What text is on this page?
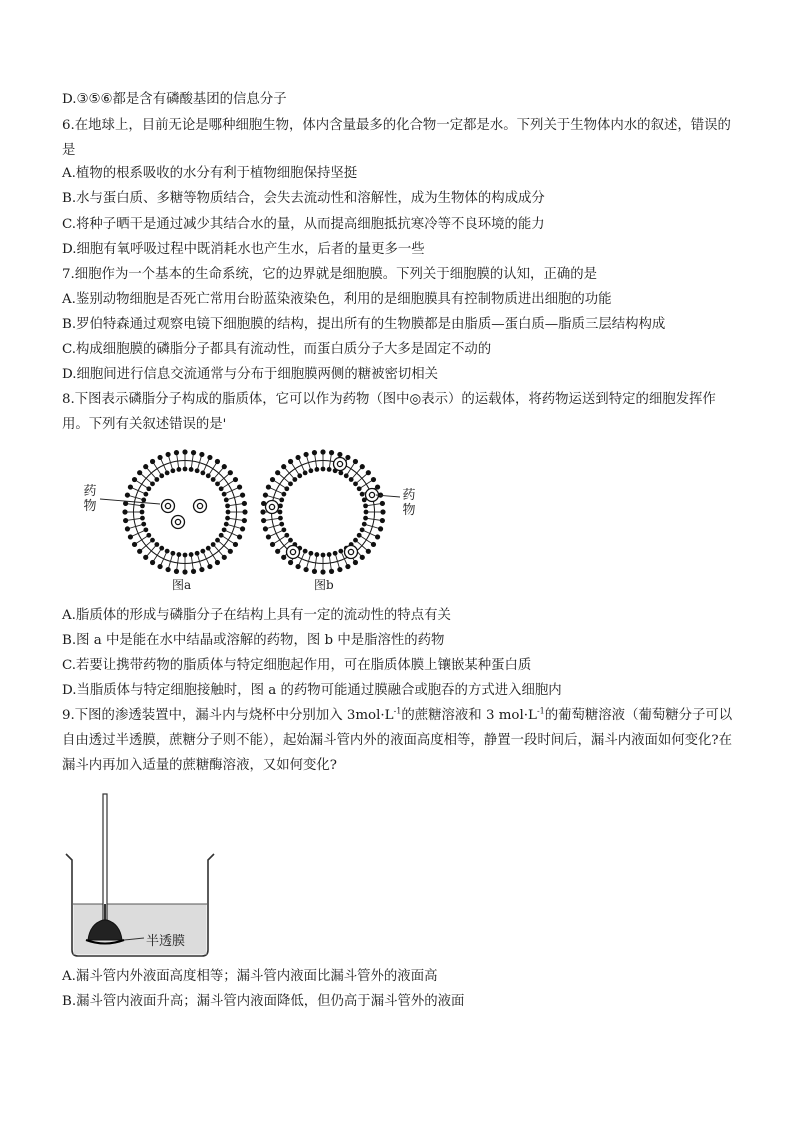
D.③⑤⑥都是含有磷酸基团的信息分子
6.在地球上，目前无论是哪种细胞生物，体内含量最多的化合物一定都是水。下列关于生物体内水的叙述，错误的是
A.植物的根系吸收的水分有利于植物细胞保持坚挺
B.水与蛋白质、多糖等物质结合，会失去流动性和溶解性，成为生物体的构成成分
C.将种子晒干是通过减少其结合水的量，从而提高细胞抵抗寒冷等不良环境的能力
D.细胞有氧呼吸过程中既消耗水也产生水，后者的量更多一些
7.细胞作为一个基本的生命系统，它的边界就是细胞膜。下列关于细胞膜的认知，正确的是
A.鉴别动物细胞是否死亡常用台盼蓝染液染色，利用的是细胞膜具有控制物质进出细胞的功能
B.罗伯特森通过观察电镜下细胞膜的结构，提出所有的生物膜都是由脂质—蛋白质—脂质三层结构构成
C.构成细胞膜的磷脂分子都具有流动性，而蛋白质分子大多是固定不动的
D.细胞间进行信息交流通常与分布于细胞膜两侧的糖被密切相关
8.下图表示磷脂分子构成的脂质体，它可以作为药物（图中◎表示）的运载体，将药物运送到特定的细胞发挥作用。下列有关叙述错误的是'
药物
药物
图a	图b
A.脂质体的形成与磷脂分子在结构上具有一定的流动性的特点有关
B.图 a 中是能在水中结晶或溶解的药物，图 b 中是脂溶性的药物
C.若要让携带药物的脂质体与特定细胞起作用，可在脂质体膜上镶嵌某种蛋白质
D.当脂质体与特定细胞接触时，图 a 的药物可能通过膜融合或胞吞的方式进入细胞内
9.下图的渗透装置中，漏斗内与烧杯中分别加入 $3mol\cdot L^{-1}$的蔗糖溶液和 3 $mol\cdot L^{-1}$的葡萄糖溶液（葡萄糖分子可以自由透过半透膜，蔗糖分子则不能），起始漏斗管内外的液面高度相等，静置一段时间后，漏斗内液面如何变化?在漏斗内再加入适量的蔗糖酶溶液，又如何变化?
半透膜
A.漏斗管内外液面高度相等；漏斗管内液面比漏斗管外的液面高
B.漏斗管内液面升高；漏斗管内液面降低，但仍高于漏斗管外的液面
